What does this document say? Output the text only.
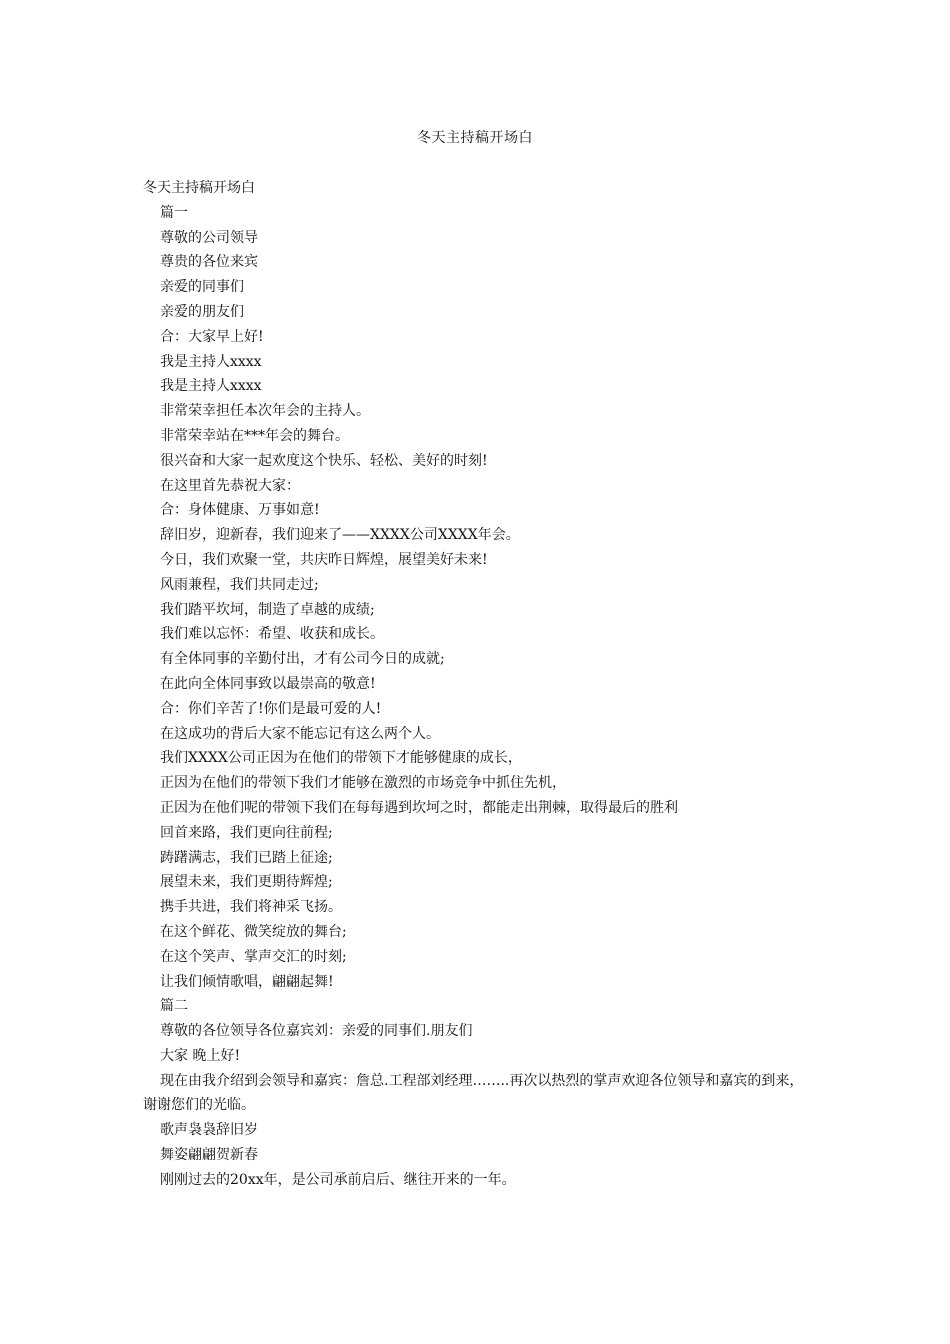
冬天主持稿开场白
冬天主持稿开场白
篇一
尊敬的公司领导
尊贵的各位来宾
亲爱的同事们
亲爱的朋友们
合：大家早上好!
我是主持人xxxx
我是主持人xxxx
非常荣幸担任本次年会的主持人。
非常荣幸站在***年会的舞台。
很兴奋和大家一起欢度这个快乐、轻松、美好的时刻!
在这里首先恭祝大家：
合：身体健康、万事如意!
辞旧岁，迎新春，我们迎来了——XXXX公司XXXX年会。
今日，我们欢聚一堂，共庆昨日辉煌，展望美好未来!
风雨兼程，我们共同走过;
我们踏平坎坷，制造了卓越的成绩;
我们难以忘怀：希望、收获和成长。
有全体同事的辛勤付出，才有公司今日的成就;
在此向全体同事致以最崇高的敬意!
合：你们辛苦了!你们是最可爱的人!
在这成功的背后大家不能忘记有这么两个人。
我们XXXX公司正因为在他们的带领下才能够健康的成长，
正因为在他们的带领下我们才能够在激烈的市场竞争中抓住先机，
正因为在他们呢的带领下我们在每每遇到坎坷之时，都能走出荆棘，取得最后的胜利
回首来路，我们更向往前程;
踌躇满志，我们已踏上征途;
展望未来，我们更期待辉煌;
携手共进，我们将神采飞扬。
在这个鲜花、微笑绽放的舞台;
在这个笑声、掌声交汇的时刻;
让我们倾情歌唱，翩翩起舞!
篇二
尊敬的各位领导各位嘉宾刘：亲爱的同事们.朋友们
大家 晚上好!
现在由我介绍到会领导和嘉宾：詹总.工程部刘经理……..再次以热烈的掌声欢迎各位领导和嘉宾的到来，谢谢您们的光临。
歌声袅袅辞旧岁
舞姿翩翩贺新春
刚刚过去的20xx年，是公司承前启后、继往开来的一年。
